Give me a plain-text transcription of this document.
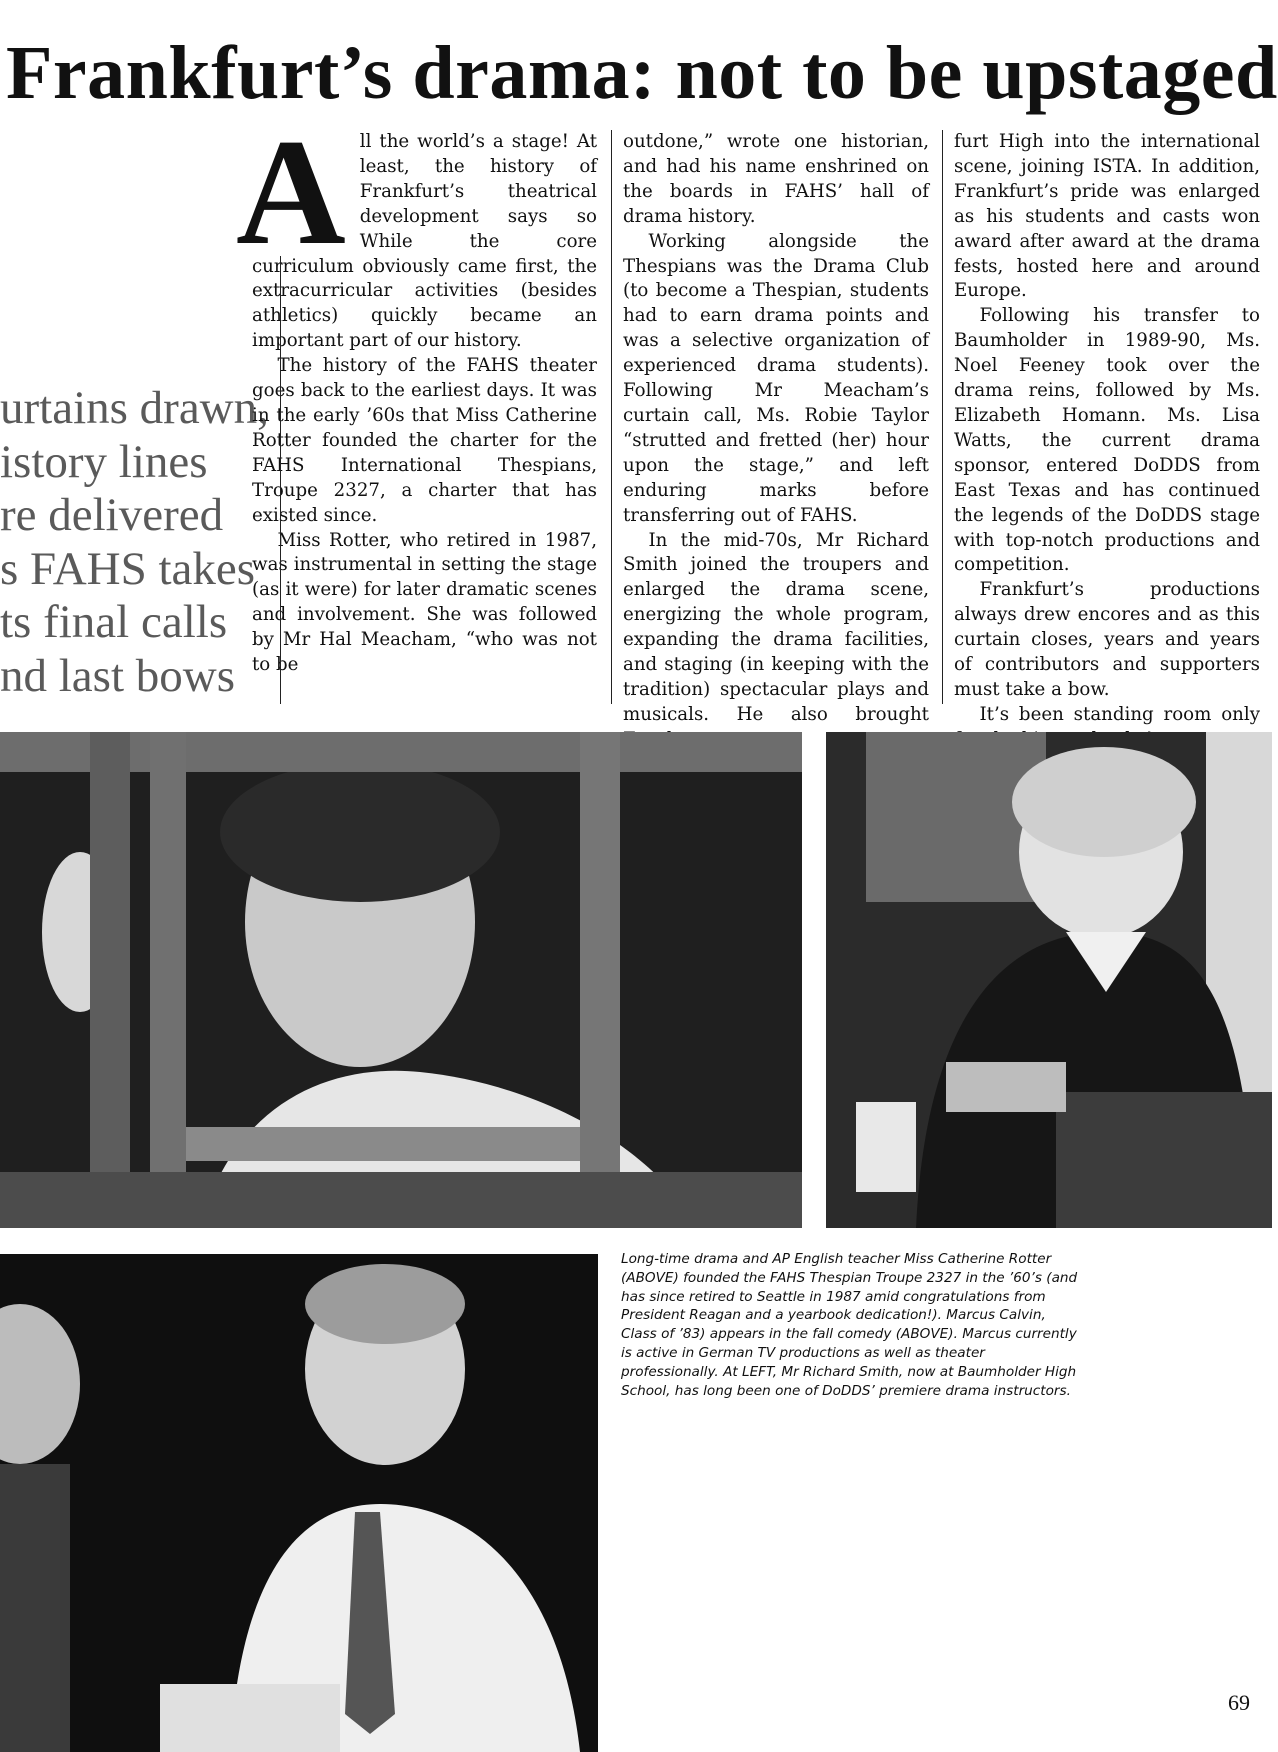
Frankfurt’s drama: not to be upstaged
urtains drawn,
istory lines
re delivered
s FAHS takes
ts final calls
nd last bows
A ll the world’s a stage! At least, the history of Frankfurt’s theatrical development says so While the core curriculum obviously came first, the extracurricular activities (besides athletics) quickly became an important part of our history.

The history of the FAHS theater goes back to the earliest days. It was in the early ’60s that Miss Catherine Rotter founded the charter for the FAHS International Thespians, Troupe 2327, a charter that has existed since.

Miss Rotter, who retired in 1987, was instrumental in setting the stage (as it were) for later dramatic scenes and involvement. She was followed by Mr Hal Meacham, “who was not to be

outdone,” wrote one historian, and had his name enshrined on the boards in FAHS’ hall of drama history.

Working alongside the Thespians was the Drama Club (to become a Thespian, students had to earn drama points and was a selective organization of experienced drama students). Following Mr Meacham’s curtain call, Ms. Robie Taylor “strutted and fretted (her) hour upon the stage,” and left enduring marks before transferring out of FAHS.

In the mid-70s, Mr Richard Smith joined the troupers and enlarged the drama scene, energizing the whole program, expanding the drama facilities, and staging (in keeping with the tradition) spectacular plays and musicals. He also brought

furt High into the international scene, joining ISTA. In addition, Frankfurt’s pride was enlarged as his students and casts won award after award at the drama fests, hosted here and around Europe.

Following his transfer to Baumholder in 1989-90, Ms. Noel Feeney took over the drama reins, followed by Ms. Elizabeth Homann. Ms. Lisa Watts, the current drama sponsor, entered DoDDS from East Texas and has continued the legends of the DoDDS stage with top-notch productions and competition.

Frankfurt’s productions always drew encores and as this curtain closes, years and years of contributors and supporters must take a bow.

It’s been standing room only

Long-time drama and AP English teacher Miss Catherine Rotter (ABOVE) founded the FAHS Thespian Troupe 2327 in the ’60’s (and has since retired to Seattle in 1987 amid congratulations from President Reagan and a yearbook dedication!). Marcus Calvin, Class of ’83) appears in the fall comedy (ABOVE). Marcus currently is active in German TV productions as well as theater professionally. At LEFT, Mr Richard Smith, now at Baumholder High School, has long been one of DoDDS’ premiere drama instructors.

69
